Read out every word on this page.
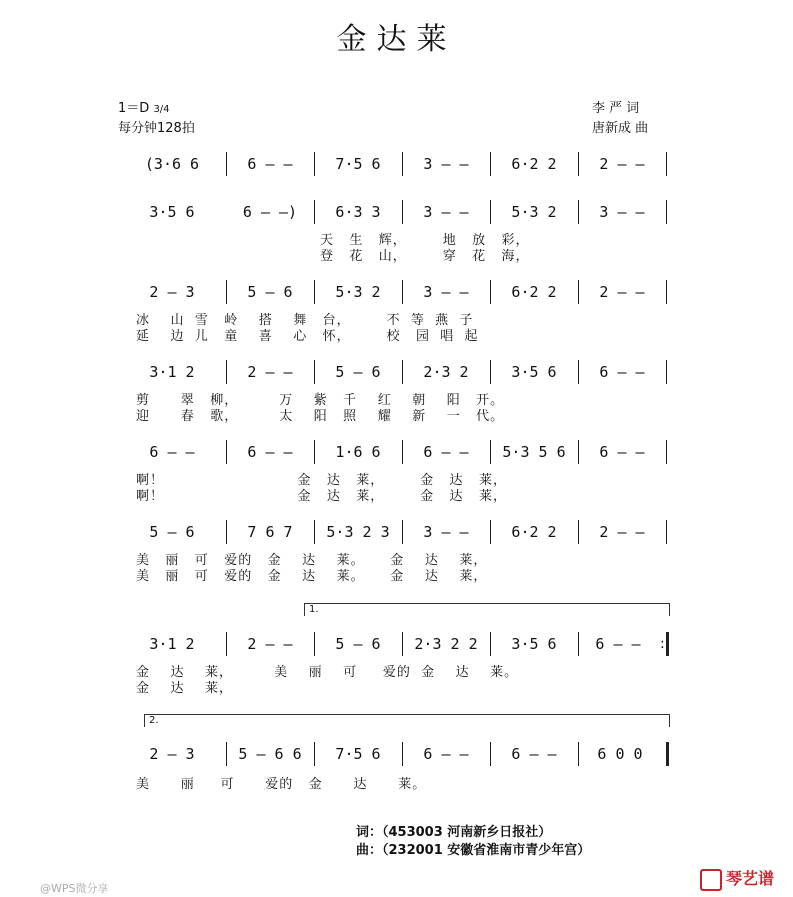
金达莱
1＝D 3/4
每分钟128拍
李 严 词
唐新成 曲
(3·6 6	6 — —	7·5 6	3 — —	6·2 2	2 — —
3·5 6	6 — —)	6·3 3	3 — —	5·3 2	3 — —
天   生   辉，       地   放   彩，
登   花   山，       穿   花   海，
2 — 3	5 — 6	5·3 2	3 — —	6·2 2	2 — —
冰    山  雪   岭    搭    舞   台，       不  等  燕  子
延    边  儿   童    喜    心   怀，       校   园  唱  起
3·1 2	2 — —	5 — 6	2·3 2	3·5 6	6 — —
剪      翠   柳，        万    紫   千    红    朝    阳   开。
迎      春   歌，        太    阳   照    耀    新    一   代。
6 — —	6 — —	1·6 6	6 — —	5·3 5 6	6 — —
啊！                          金   达   莱，       金   达   莱，
啊！                          金   达   莱，       金   达   莱，
5 — 6	7 6 7	5·3 2 3	3 — —	6·2 2	2 — —
美   丽   可   爱的   金    达    莱。     金    达    莱，
美   丽   可   爱的   金    达    莱。     金    达    莱，
1.
3·1 2	2 — —	5 — 6	2·3 2 2	3·5 6	6 — —	:
金    达    莱，        美    丽    可     爱的  金    达    莱。
金    达    莱，
2.
2 — 3	5 — 6 6	7·5 6	6 — —	6 — —	6 0 0
美      丽     可      爱的   金      达      莱。
词：（453003 河南新乡日报社）
曲：（232001 安徽省淮南市青少年宫）
@WPS微分享
琴艺谱
